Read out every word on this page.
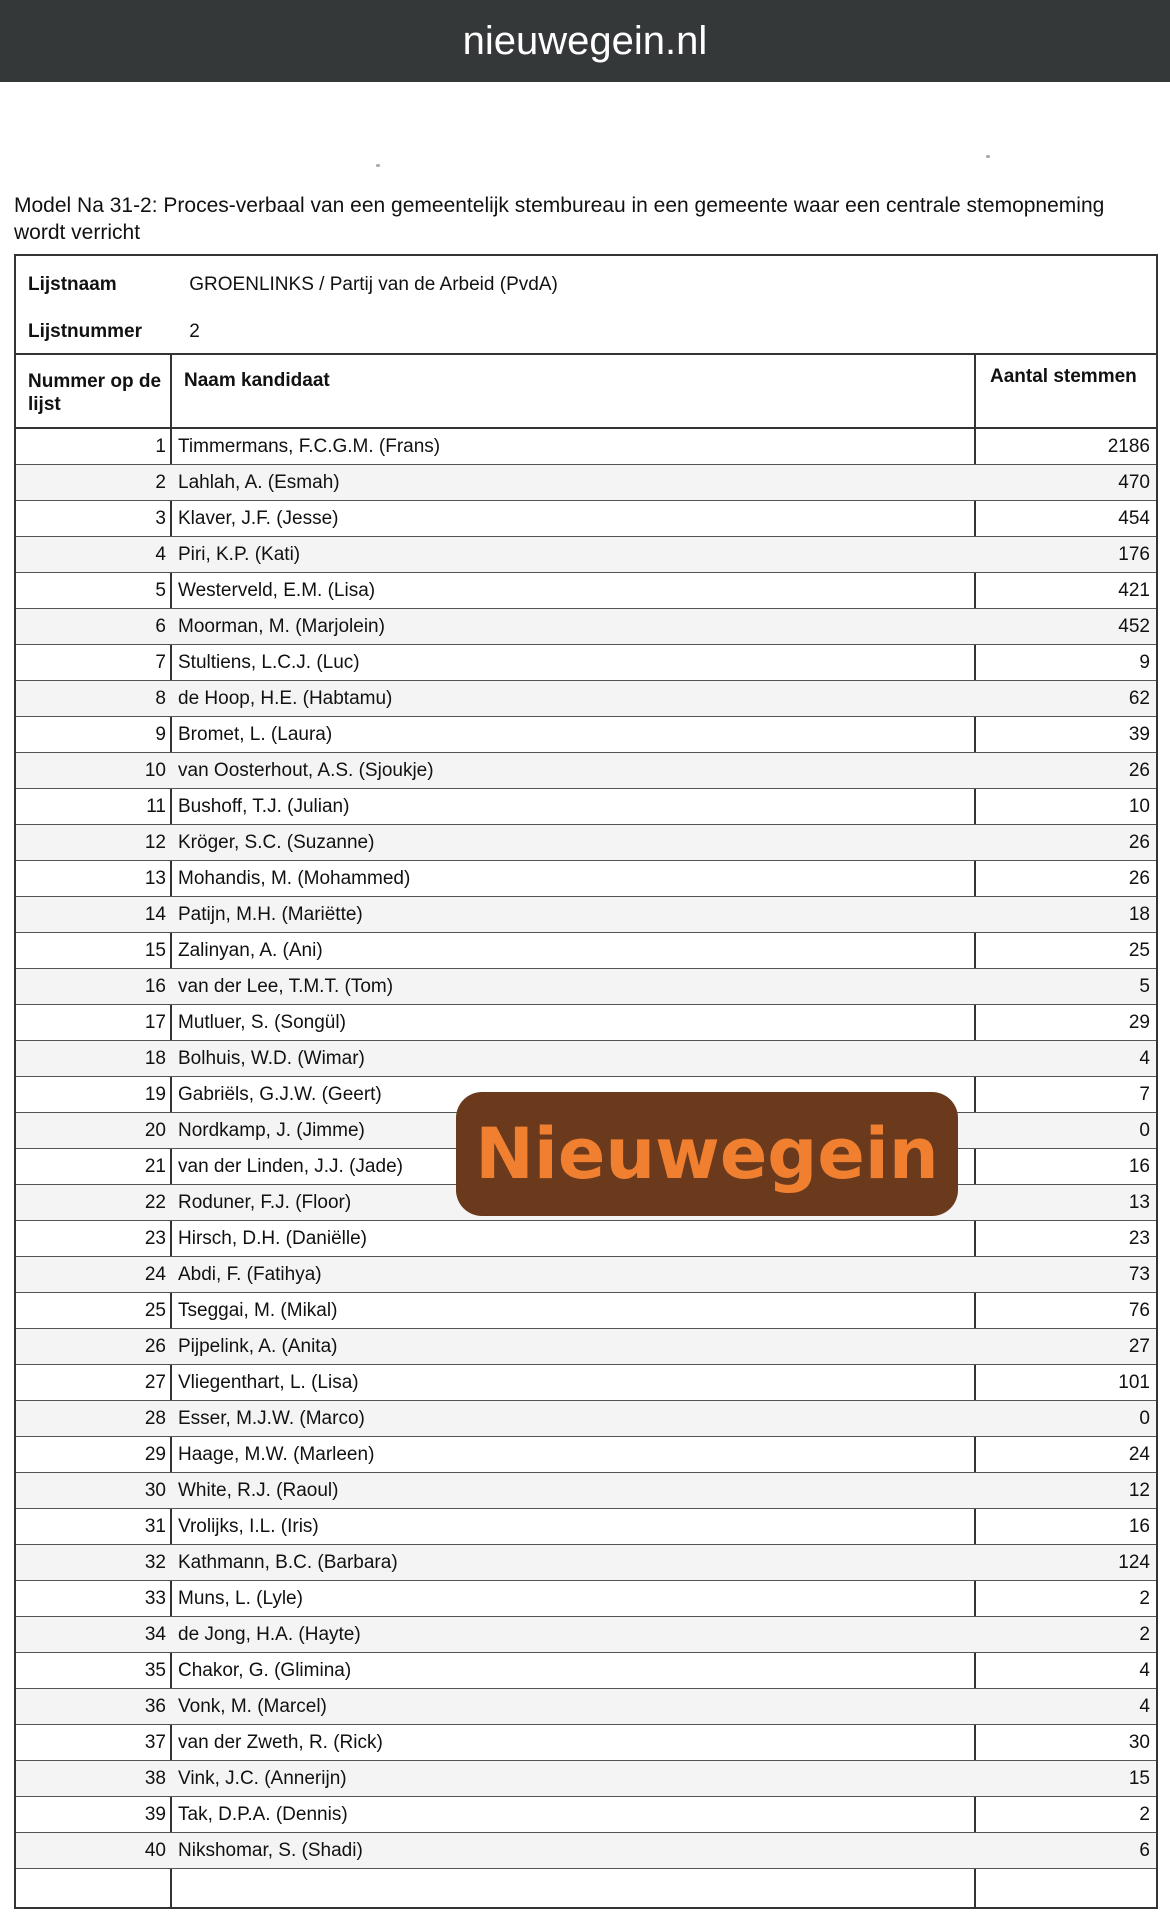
nieuwegein.nl
Model Na 31-2: Proces-verbaal van een gemeentelijk stembureau in een gemeente waar een centrale stemopneming wordt verricht
Lijstnaam	GROENLINKS / Partij van de Arbeid (PvdA)
Lijstnummer 2
Nummer op de lijst
Naam kandidaat	Aantal stemmen
1	Timmermans, F.C.G.M. (Frans)	2186
2	Lahlah, A. (Esmah)	470
3	Klaver, J.F. (Jesse)	454
4	Piri, K.P. (Kati)	176
5	Westerveld, E.M. (Lisa)	421
6	Moorman, M. (Marjolein)	452
7	Stultiens, L.C.J. (Luc)	9
8	de Hoop, H.E. (Habtamu)	62
9	Bromet, L. (Laura)	39
10	van Oosterhout, A.S. (Sjoukje)	26
11	Bushoff, T.J. (Julian)	10
12	Kröger, S.C. (Suzanne)	26
13	Mohandis, M. (Mohammed)	26
14	Patijn, M.H. (Mariëtte)	18
15	Zalinyan, A. (Ani)	25
16	van der Lee, T.M.T. (Tom)	5
17	Mutluer, S. (Songül)	29
18	Bolhuis, W.D. (Wimar)	4
19	Gabriëls, G.J.W. (Geert)	7
20	Nordkamp, J. (Jimme)	0
21	van der Linden, J.J. (Jade)	16
22	Roduner, F.J. (Floor)	13
23	Hirsch, D.H. (Daniëlle)	23
24	Abdi, F. (Fatihya)	73
25	Tseggai, M. (Mikal)	76
26	Pijpelink, A. (Anita)	27
27	Vliegenthart, L. (Lisa)	101
28	Esser, M.J.W. (Marco)	0
29	Haage, M.W. (Marleen)	24
30	White, R.J. (Raoul)	12
31	Vrolijks, I.L. (Iris)	16
32	Kathmann, B.C. (Barbara)	124
33	Muns, L. (Lyle)	2
34	de Jong, H.A. (Hayte)	2
35	Chakor, G. (Glimina)	4
36	Vonk, M. (Marcel)	4
37	van der Zweth, R. (Rick)	30
38	Vink, J.C. (Annerijn)	15
39	Tak, D.P.A. (Dennis)	2
40	Nikshomar, S. (Shadi)	6
Nieuwegein
